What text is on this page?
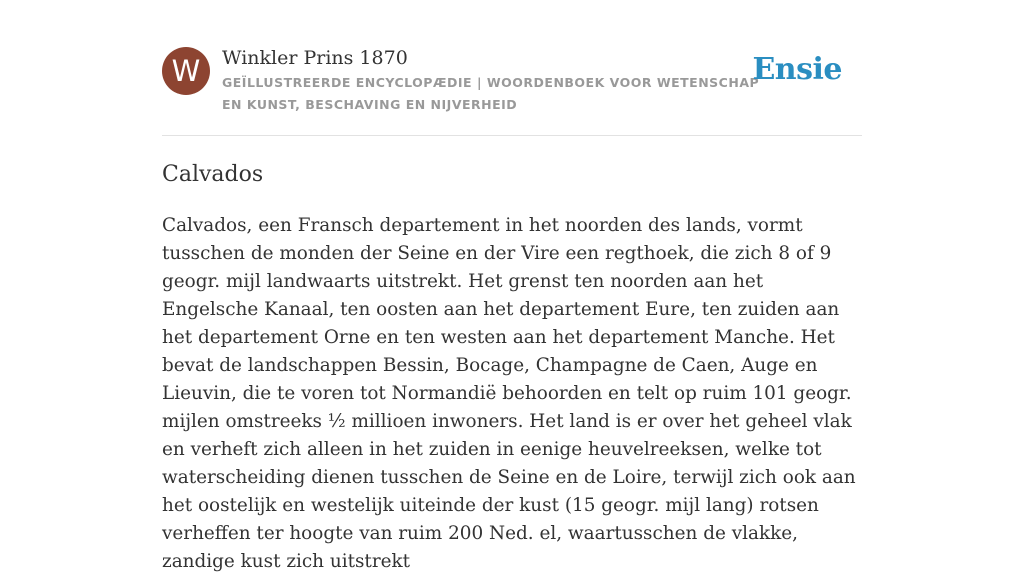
W	Winkler Prins 1870
GEÏLLUSTREERDE ENCYCLOPÆDIE | WOORDENBOEK VOOR WETENSCHAP EN KUNST, BESCHAVING EN NIJVERHEID
Ensie
Calvados

Calvados, een Fransch departement in het noorden des lands, vormt tusschen de monden der Seine en der Vire een regthoek, die zich 8 of 9 geogr. mijl landwaarts uitstrekt. Het grenst ten noorden aan het Engelsche Kanaal, ten oosten aan het departement Eure, ten zuiden aan het departement Orne en ten westen aan het departement Manche. Het bevat de landschappen Bessin, Bocage, Champagne de Caen, Auge en Lieuvin, die te voren tot Normandië behoorden en telt op ruim 101 geogr. mijlen omstreeks ½ millioen inwoners. Het land is er over het geheel vlak en verheft zich alleen in het zuiden in eenige heuvelreeksen, welke tot waterscheiding dienen tusschen de Seine en de Loire, terwijl zich ook aan het oostelijk en westelijk uiteinde der kust (15 geogr. mijl lang) rotsen verheffen ter hoogte van ruim 200 Ned. el, waartusschen de vlakke, zandige kust zich uitstrekt
